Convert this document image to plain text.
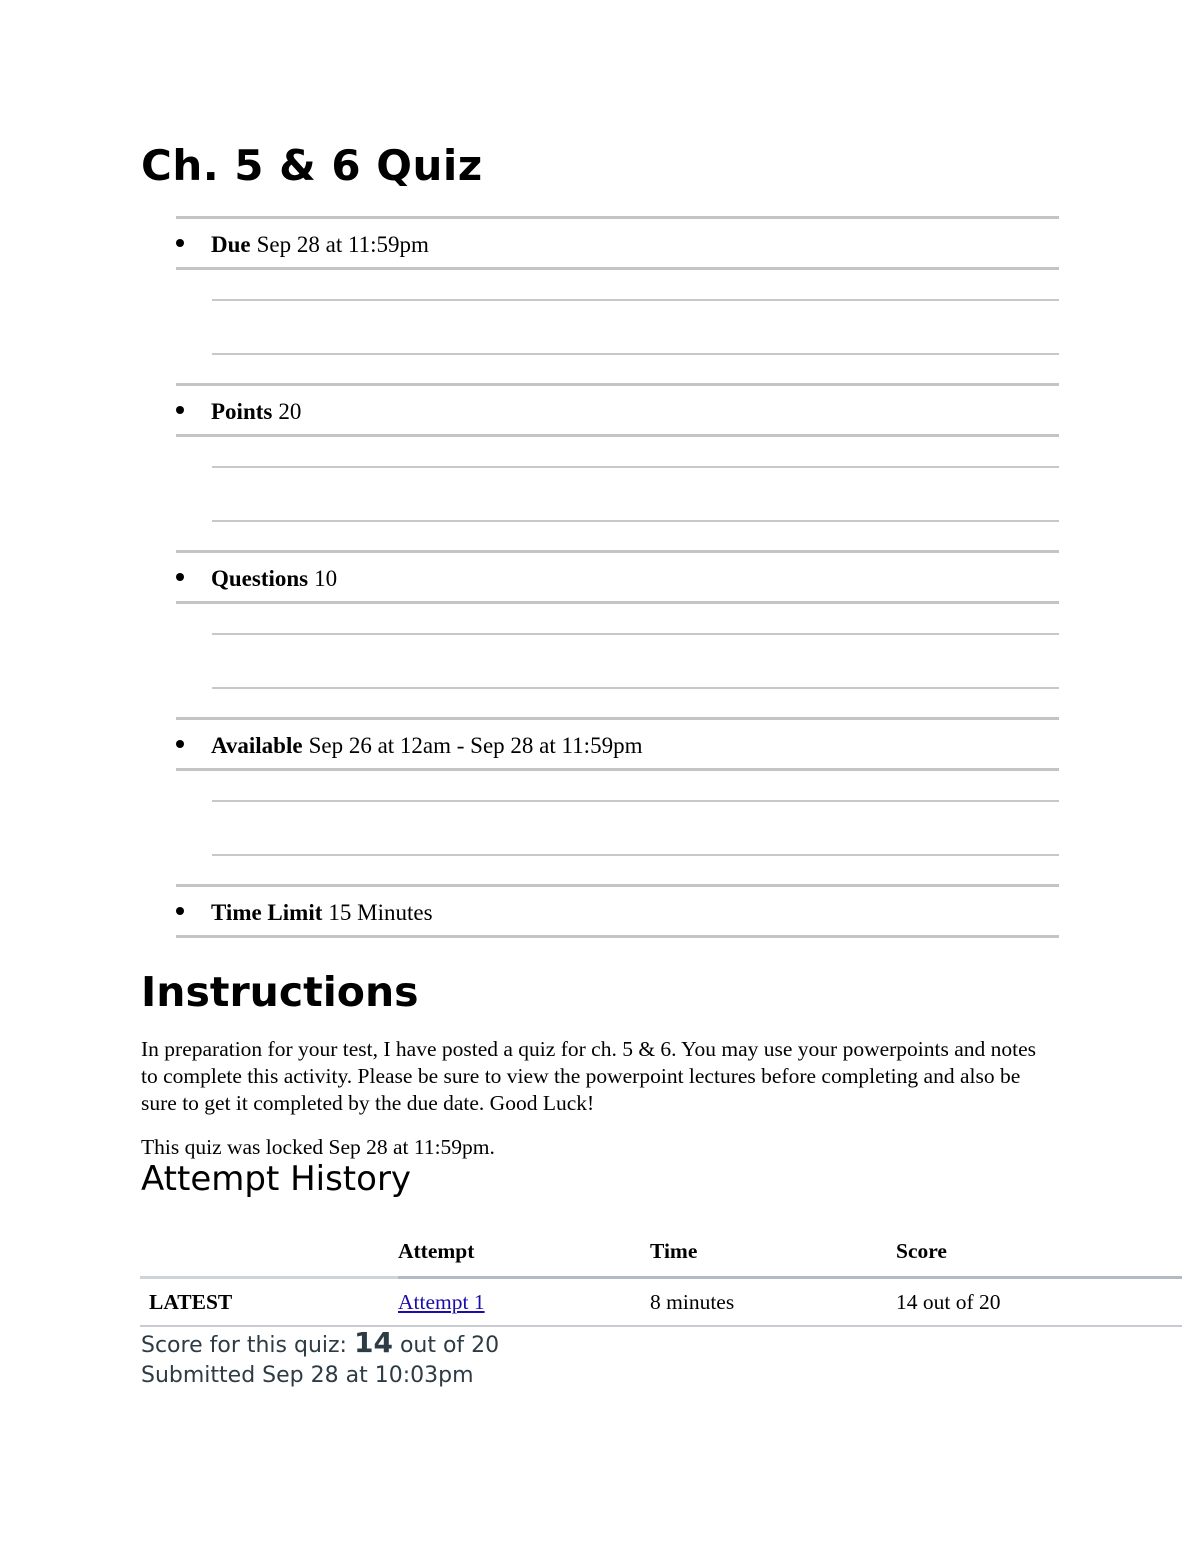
Ch. 5 & 6 Quiz
Due Sep 28 at 11:59pm
Points 20
Questions 10
Available Sep 26 at 12am - Sep 28 at 11:59pm
Time Limit 15 Minutes
Instructions

In preparation for your test, I have posted a quiz for ch. 5 & 6. You may use your powerpoints and notes to complete this activity. Please be sure to view the powerpoint lectures before completing and also be sure to get it completed by the due date. Good Luck!

This quiz was locked Sep 28 at 11:59pm.

Attempt History
	Attempt	Time	Score
LATEST	Attempt 1	8 minutes	14 out of 20

Score for this quiz: 14 out of 20

Submitted Sep 28 at 10:03pm
